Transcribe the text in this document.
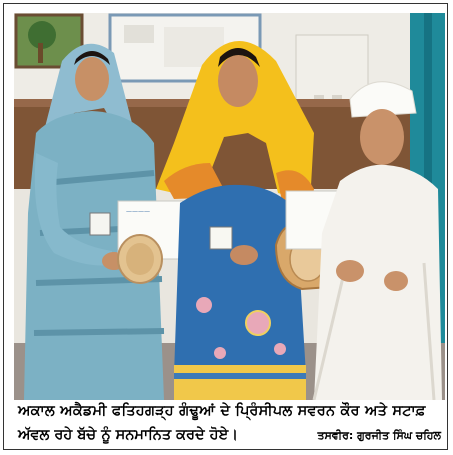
————
ਅਕਾਲ ਅਕੈਡਮੀ ਫਤਿਹਗੜ੍ਹ ਗੰਢੂਆਂ ਦੇ ਪ੍ਰਿੰਸੀਪਲ ਸਵਰਨ ਕੌਰ ਅਤੇ ਸਟਾਫ਼
ਅੱਵਲ ਰਹੇ ਬੱਚੇ ਨੂੰ ਸਨਮਾਨਿਤ ਕਰਦੇ ਹੋਏ।	ਤਸਵੀਰ: ਗੁਰਜੀਤ ਸਿੰਘ ਚਹਿਲ
